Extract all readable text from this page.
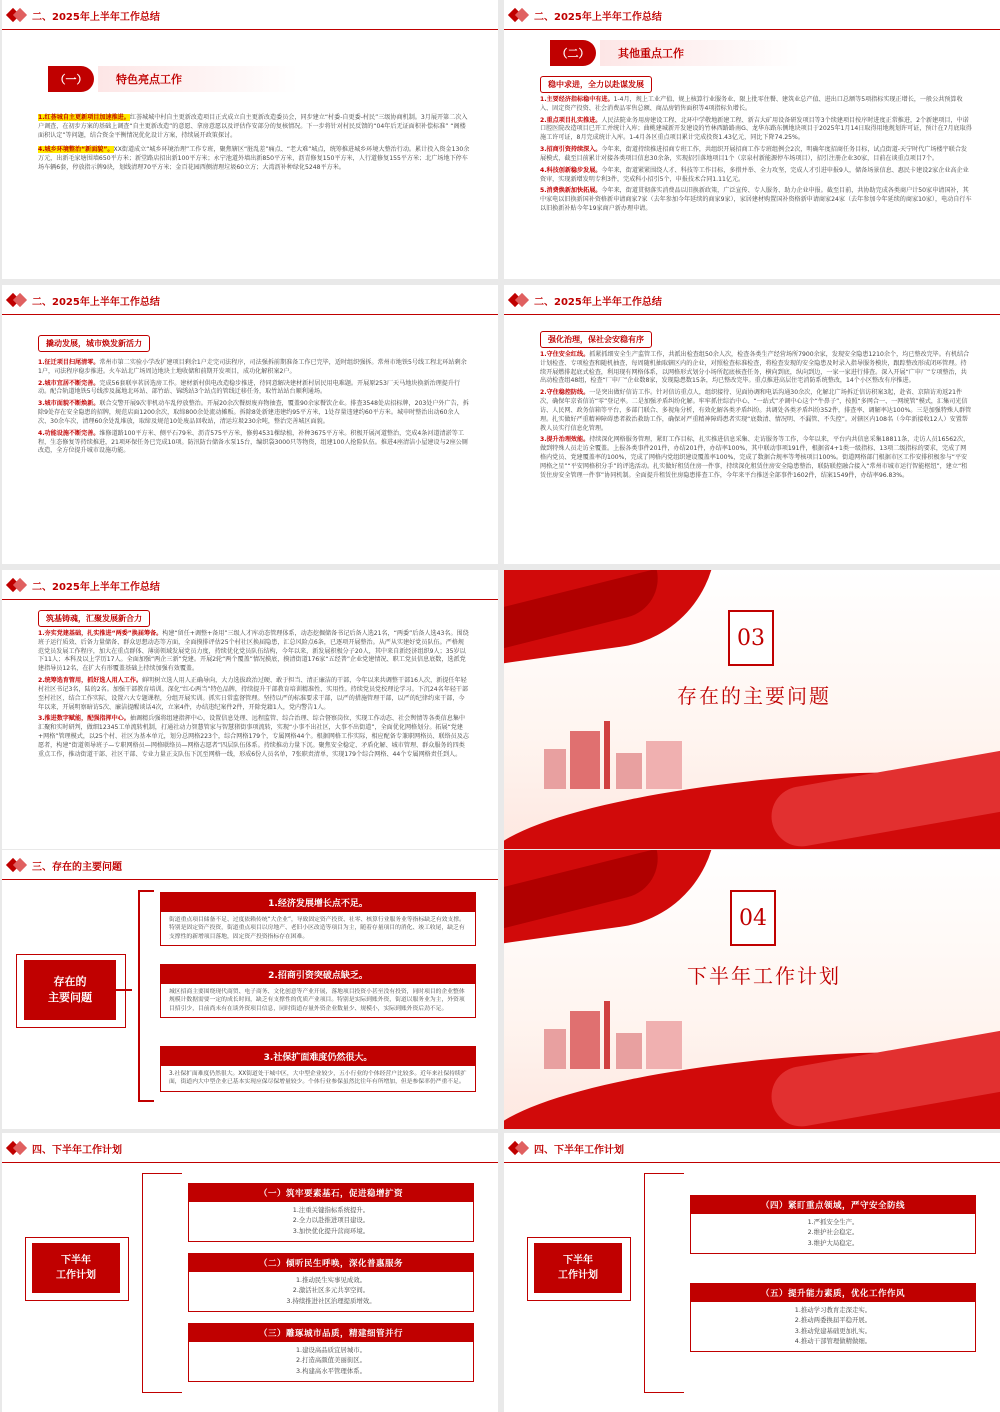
二、2025年上半年工作总结
（一）	特色亮点工作

1.红荟城自主更新项目加速推进。红荟城城中村自主更新改造项目正式成立自主更新改造委员会，同步建立“村委-自更委-村民”三级协商机制。3月展开第二次入户调查，在初步方案的基础上调查“自主更新改造”的意愿、拿房意愿以及评估作安部分的复核情况。下一步将针对村民反馈的“04年后无证面积补偿标准” “阁楼面积认定”等问题，结合资金平衡情况优化设计方案，持续展开政策探讨。

4.城乡环境整治“新面貌”。XX街道成立“城乡环境治理”工作专班，聚焦辖区“脏乱差”痛点、“老大难”城点，统筹推进城乡环境大整治行动。累计投入资金130余万元，出新毛家塘围墙650平方米；新堂路店招出新100平方米；永宁池道外墙出新850平方米，沥青修复150平方米，人行道修复155平方米；北广场地下停车场车辆6套，停放指示牌9块，划线清理70平方米；金百花园西侧清理垃圾60立方；大湾沥补种绿化5248平方米。

二、2025年上半年工作总结
（二）	其他重点工作
稳中求进，全力以赴谋发展

1.主要经济指标稳中有进。1-4月，规上工业产值、规上核算行业服务业、限上批零住餐、建筑业总产值、进出口总额等5项指标实现正增长，一般公共预算收入、固定资产投资、社会消费品零售总额、商品房销售面积等4项指标负增长。

2.重点项目扎实推进。人民法院业务用房建设工程、北环中学敬地新建工程、新吉大矿用设备研发项目等3个续建项目按序时进度正常推进，2个新建项目，中诺口腔医院改造项目已开工并统计入库；曲桃建城新开发建设的竹林西路路南G、龙华东路东侧地块项目于2025年1月14日取得用地规划许可证，预计在7月底取得施工许可证，8月完成统计入库。1-4月各区重点项目累计完成投资1.43亿元，同比下降74.25%。

3.招商引资持续深入。今年来，街道持续推进招商专班工作，共组织开展招商工作专班组例会2次，明确年度招商任务目标，试点街道-天宁时代广场楼宇联合发展模式，截至目前累计对接各类项目信息30余条，实现招引落地项目1个（京泉村新能源停车场项目），招引注册企业30家，目前在谈重点项目7个。

4.科技创新稳步发展。今年来，街道紧紧围绕人才、科技等工作目标，多措并举、全力攻坚，完成人才引进申报9人，储备场景信息、惠民卡建设2家企业高企业资审，实现新增发明专利3件，完成科小招引5个，申报技术合同1.11亿元。

5.消费焕新加快拓展。今年来，街道贯彻落实消费品以旧换新政策，广泛宣传、专人服务、助力企业申报。截至目前，共协助完成各类商户计50家申请国补，其中家电以旧换新国补资格新申请商家7家（去年参加今年延续的商家9家），家居建材购置国补资格新申请商家24家（去年参加今年延续的商家10家），电动自行车以旧换新补贴今年19家商户新办理申请。

二、2025年上半年工作总结
撬动发展，城市焕发新活力

1.征迁项目扫尾清零。常州市第二实验小学改扩建项目剩余1户走完司法程序，司法强拆前期准备工作已完毕，适时组织强拆。常州市地铁5号线工程北环站剩余1户，司法程序稳步推进。火车站北广场周边地块土地收储和前期开发项目，成功化解积案2户。

2.城市宜居不断完善。完成56套联享茗居选房工作。建材新村供电改造稳步推进，待同意解决建材新村居民用电难题。开展原253厂天马地块换新治理提升行动。配合轨道地铁5号线涉及属地北环站、部竹站、锦绣站3个站点的管线迁移任务，取竹站站台顺利通场。

3.城市面貌不断焕新。联合交警开展9次菲机动车乱停放整治。开展20余次餐厨废弃物抽查，覆盖90余家餐饮企业。排查3548处店招标牌，203处户外广告，拆除9处存在安全隐患的招牌，规范店面1200余次，取缔800余处流动摊贩。拆除8处新建违建约95平方米，1处存量违建约60平方米。城申时整治出动60余人次、30余车次，清理60余处乱堆放，取缔及规范10处废品回收站，清运垃圾230余吨，整治完善城区面貌。

4.功能设施不断完善。维修道路100平方米、侧平石79米、沥青575平方米，修剪4531棵绿植，补种3675平方米。积极开展河道整治，完成4条河道清淤等工程，生态修复等持续推进，21项环保任务已完成10项。防汛防台储备水泵15台，编织袋3000只等物资，组建100人抢险队伍。推进4座清洁小屋建设与2座公厕改造，全方位提升城市设施功能。

二、2025年上半年工作总结
强化治理，保社会安稳有序

1.守住安全红线。抓紧抓细安全生产监管工作，共派出检查组50余人次，检查各类生产经营场所7900余家，发现安全隐患1210余个，均已整改完毕。有机结合计划检查、专项检查和随机抽查，每周随机抽取辖区内的企业，对照检查标准检查，将检查发现的安全隐患及时录入指导服务模块，跟踪整改形成闭环管理。持续开展燃排起底式检查，利用现有网格体系，以网格形式划分小场所起底核查任务，横向到底，纵向到边，一家一家进行排查。深入开展“广申厂”专项整治，共出动检查组48组，检查“厂申厂”企业数8家，发现隐患数15条，均已整改完毕。重点推进高层住宅消防系统整改，14个小区整改有序推进。

2.守住稳控防线。一是突出做好信访工作。针对信访重点人，组织接待、见面协调和电话沟通30余次，化解北广场拆迁信访积案3起，赴省、京陪访劝返21件次，确保年京省信访“零”登记率。二是加强矛盾纠纷化解。牢牢抓住综治中心、“一站式”矛调中心这个“牛鼻子”，按照“多网合一、一网统管”模式，汇集司光信访、人民网、政务信箱等平台，多部门联合、多视角分析，有效化解各类矛盾纠纷。共调处各类矛盾纠纷352件，排查率、调解率达100%。三是加强特殊人群管理。扎实做好严重精神障碍患者救治救助工作，确保对严重精神障碍患者实现“底数清、情况明、不漏管、不失控”。对辖区内108名（今年新接收12人）安置帮教人员实行信息化管理。

3.提升治理效能。持续深化网格服务管理，紧盯工作目标，扎实推进信息采集、走访服务等工作，今年以来，平台内共信息采集18811条，走访人员16562次，做到特殊人员走访全覆盖。上报各类事件201件，办结201件，办结率100%，其中联动事项191件，根据省4+1类一级指标、13项二级指标的要求，完成了网格内党员、党建覆盖率的100%，完成了网格内党组织建设覆盖率100%，完成了数据合规率等考核项目100%。街道网格部门根据市区工作安排积极参与“平安网格之星”“平安网格积分手”的评选活动。扎实做好租赁住房一件事，持续深化租赁住房安全隐患整治，联防联控融合接入“常州市城市运行智能枢纽”，建立“租赁住房安全管理一件事”协同机制。全面提升租赁住房隐患排查工作，今年来平台推送全部事件1602件，结案1549件，办结率96.83%。

二、2025年上半年工作总结
筑基铸魂，汇聚发展新合力

1.夯实党建基础，扎实推进“两委”换届筹备。构建“留任+调整+备用”三级人才库动态管理体系，动态挖掘储备书记后备人选21名，“两委”后备人选43名。围绕班子运行质效、后备力量储备、群众思想动态等方面，全面摸排评估25个村社区换届隐患，汇总风险点6条，已逐项开展整治。从严从实建好党员队伍。严格规范党员发展工作程序，加大在重点群体、薄弱领域发展党员力度，持续优化党员队伍结构，今年以来，新发展积极分子20人，其中来自新经济组织9人；35岁以下11人；本科及以上学历17人。全面加强“两企三新”党建。开展2轮“两个覆盖”情况摸底，摸清街道176家“五经普”企业党建情况、职工党员信息底数，选派党建指导员12名，在扩大有形覆盖基础上持续加强有效覆盖。

2.统筹选育管用，抓好选人用人工作。鲜明树立选人用人正确导向，大力选拔政治过硬、敢于担当、清正廉洁的干部，今年以来共调整干部16人次，新提任年轻村社区书记3名，陆的2名。加强干部教育培训。深化“红心两当”特色品牌，持续提升干部教育培训精准性、实用性。持续党员党校理论学习。下沉24名年轻干部至村社区，结合工作实际，设置六大专题课程，分组开展实训。抓实日常监督管理。坚持以严的标准要求干部，以严的措施管理干部，以严的纪律约束干部，今年以来，开展明察暗访5次、廉洁提醒谈话4次，立案4件，办结违纪案件2件，开除党籍1人，党内警告1人。

3.推进数字赋能，配强指挥中心。抽调精兵强将组建指挥中心，设置信息处理、远程监管、综合治理、综合督察岗位，实现工作动态、社会舆情等各类信息集中汇聚和实时研判，做细12345工单流转机制，打通社动力智慧管家与智慧猪街事项流转，实现“小事不出社区，大事不出街道”，全面优化网格划分。拓展“党建+网格”管理模式，以25个村、社区为基本单元，划分总网格223个，综合网格179个，专属网格44个。根据网格工作实际，相应配备专兼职网格员、联络员及志愿者，构建“街道领导班子—专职网格员—网格联络员—网格志愿者”四层队伍体系。持续推动力量下沉。聚焦安全稳定、矛盾化解、城市管理、群众服务的四类重点工作，推动街道干部、社区干部、专业力量正支队伍下沉至网格一线，形成6份人员名单，7张职责清单，实现179个综合网格、44个专属网格责任到人。

03
存在的主要问题
三、存在的主要问题
存在的
主要问题
1.经济发展增长点不足。
街道重点项目储备不足、过度依赖传统“大企业”，导致固定资产投资、社零、核算行业服务业等指标缺乏有效支撑。特别是固定资产投资，街道重点项目以房地产、老旧小区改造等项目为主，随着存量项目的消化、竣工收尾，缺乏有支撑性的新增项目落地，固定资产投资指标存在困难。
2.招商引资突破点缺乏。
城区招商主要围绕现代商贸、电子商务、文化创意等产业开展，落地项目投资小甚至没有投资，同时项目的企业整体规模计数据需要一定的成长时间，缺乏有支撑性的优质产业项目。特别是实际到账外资，街道以服务业为主，外资项目招引少，目前尚未有在谈外资项目信息，同时街道存量外资企业数量少、规模小，实际到账外资后劲不足。
3.社保扩面难度仍然很大。
3.社保扩面难度仍然很大。XX街道处于城中区，大中型企业较少，五小行业的个体经营户比较多。近年来社保持续扩面，街道内大中型企业已基本实现应保尽保增量较少。个体行业参保虽然比往年有所增加，但是参保率仍严重不足。
04
下半年工作计划
四、下半年工作计划
下半年
工作计划
（一）筑牢要素基石，促进稳增扩资
1.注重关键指标系统提升。
2.全力以赴推进项目建设。
3.加快优化提升营商环境。
（二）倾听民生呼唤，深化普惠服务
1.推动民生实事见成效。
2.激活社区多元共享空间。
3.持续推进社区治理提质增效。
（三）雕琢城市品质，精建细管并行
1.建设高品质宜居城市。
2.打造高颜值美丽街区。
3.构建高水平管理体系。
四、下半年工作计划
下半年
工作计划
（四）紧盯重点领域，严守安全防线
1.严抓安全生产。
2.维护社会稳定。
3.维护大局稳定。
（五）提升能力素质，优化工作作风
1.推动学习教育走深走实。
2.推动两委换届平稳开展。
3.推动党建基础更加扎实。
4.推动干部管理做精做细。
